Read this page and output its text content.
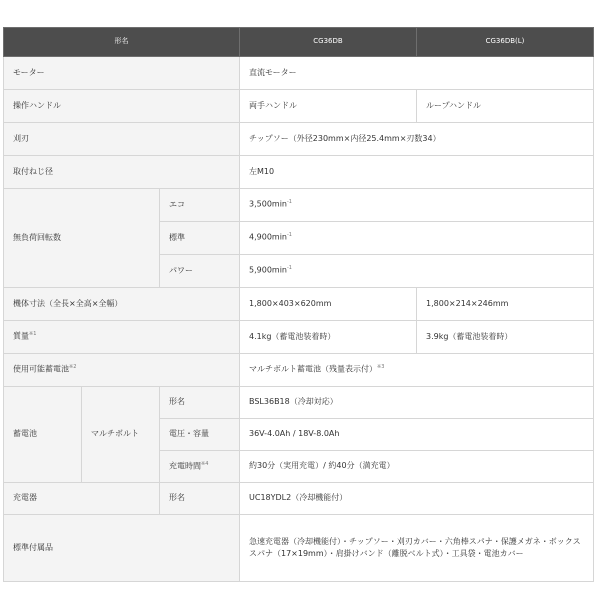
形名			CG36DB	CG36DB(L)
モーター			直流モーター	
操作ハンドル			両手ハンドル	ループハンドル
刈刃			チップソー（外径230mm×内径25.4mm×刃数34）	
取付ねじ径			左M10	
無負荷回転数		エコ	$3,500\min^{-1}$
		標準	$4,900\min^{-1}$
		パワー	$5,900\min^{-1}$
機体寸法（全長×全高×全幅）			1,800×403×620mm	1,800×214×246mm
質量$^{※1}$			4.1kg（蓄電池装着時）	3.9kg（蓄電池装着時）
使用可能蓄電池$^{※2}$			マルチボルト蓄電池（残量表示付）$^{※3}$
蓄電池	マルチボルト	形名	BSL36B18（冷却対応）	
		電圧・容量	36V-4.0Ah / 18V-8.0Ah	
		充電時間$^{※4}$	約30分（実用充電）/ 約40分（満充電）	
充電器		形名	UC18YDL2（冷却機能付）	
標準付属品			急速充電器（冷却機能付）・チップソー・刈刃カバー・六角棒スパナ・保護メガネ・ボックススパナ（17×19mm）・肩掛けバンド（離脱ベルト式）・工具袋・電池カバー	
